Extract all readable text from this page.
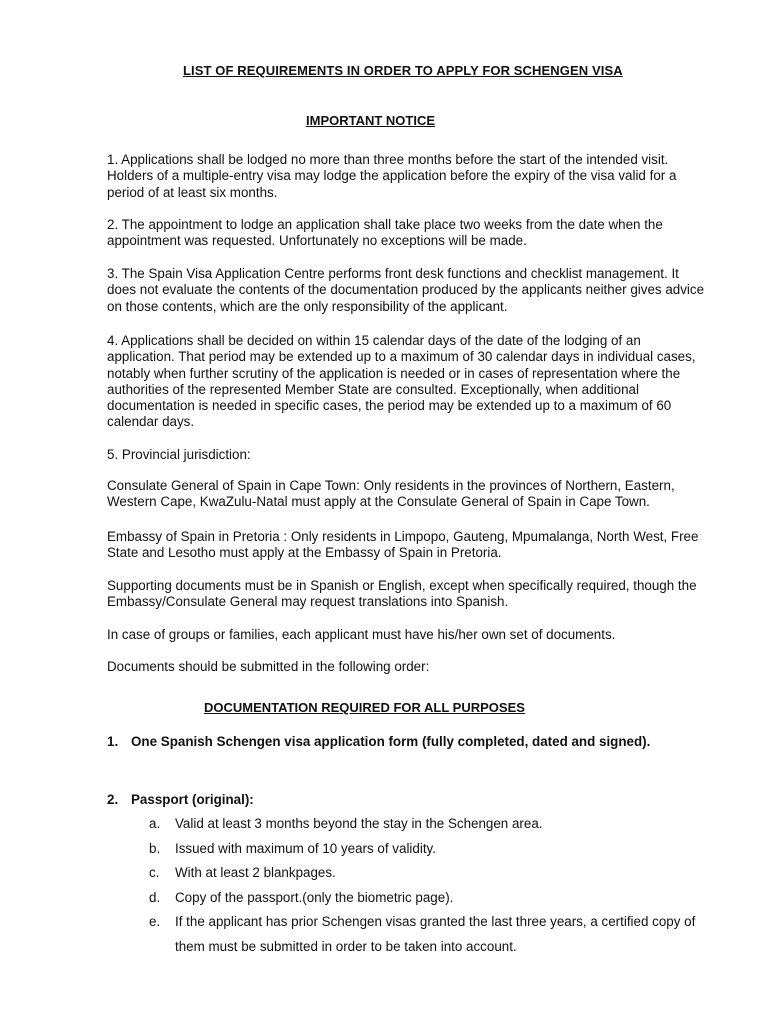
LIST OF REQUIREMENTS IN ORDER TO APPLY FOR SCHENGEN VISA
IMPORTANT NOTICE

1. Applications shall be lodged no more than three months before the start of the intended visit. Holders of a multiple-entry visa may lodge the application before the expiry of the visa valid for a period of at least six months.

2. The appointment to lodge an application shall take place two weeks from the date when the appointment was requested. Unfortunately no exceptions will be made.

3. The Spain Visa Application Centre performs front desk functions and checklist management. It does not evaluate the contents of the documentation produced by the applicants neither gives advice on those contents, which are the only responsibility of the applicant.

4. Applications shall be decided on within 15 calendar days of the date of the lodging of an application. That period may be extended up to a maximum of 30 calendar days in individual cases, notably when further scrutiny of the application is needed or in cases of representation where the authorities of the represented Member State are consulted. Exceptionally, when additional documentation is needed in specific cases, the period may be extended up to a maximum of 60 calendar days.

5. Provincial jurisdiction:

Consulate General of Spain in Cape Town: Only residents in the provinces of Northern, Eastern, Western Cape, KwaZulu-Natal must apply at the Consulate General of Spain in Cape Town.

Embassy of Spain in Pretoria : Only residents in Limpopo, Gauteng, Mpumalanga, North West, Free State and Lesotho must apply at the Embassy of Spain in Pretoria.

Supporting documents must be in Spanish or English, except when specifically required, though the Embassy/Consulate General may request translations into Spanish.

In case of groups or families, each applicant must have his/her own set of documents.

Documents should be submitted in the following order:

DOCUMENTATION REQUIRED FOR ALL PURPOSES
1. One Spanish Schengen visa application form (fully completed, dated and signed).
2. Passport (original):
a. Valid at least 3 months beyond the stay in the Schengen area.
b. Issued with maximum of 10 years of validity.
c. With at least 2 blankpages.
d. Copy of the passport.(only the biometric page).
e. If the applicant has prior Schengen visas granted the last three years, a certified copy of them must be submitted in order to be taken into account.
